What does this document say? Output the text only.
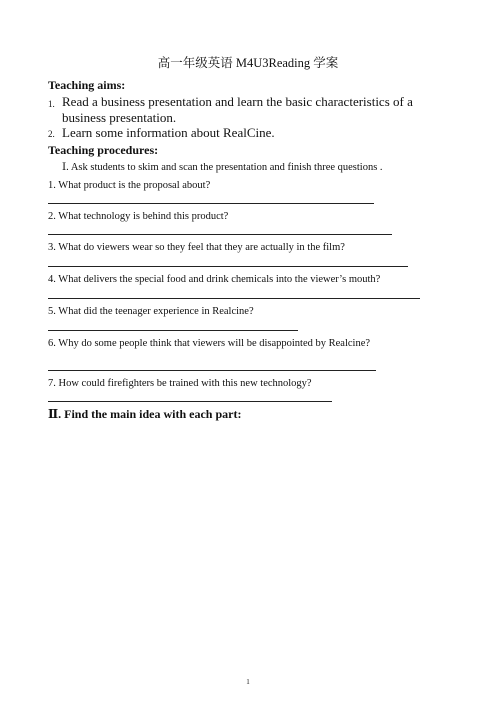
高一年级英语 M4U3Reading 学案
Teaching aims:
1. Read a business presentation and learn the basic characteristics of a
business presentation.
2. Learn some information about RealCine.
Teaching procedures:
Ⅰ. Ask students to skim and scan the presentation and finish three questions .
1. What product is the proposal about?
2. What technology is behind this product?
3. What do viewers wear so they feel that they are actually in the film?
4. What delivers the special food and drink chemicals into the viewer’s mouth?
5. What did the teenager experience in Realcine?
6. Why do some people think that viewers will be disappointed by Realcine?
7. How could firefighters be trained with this new technology?
Ⅱ. Find the main idea with each part:
1
